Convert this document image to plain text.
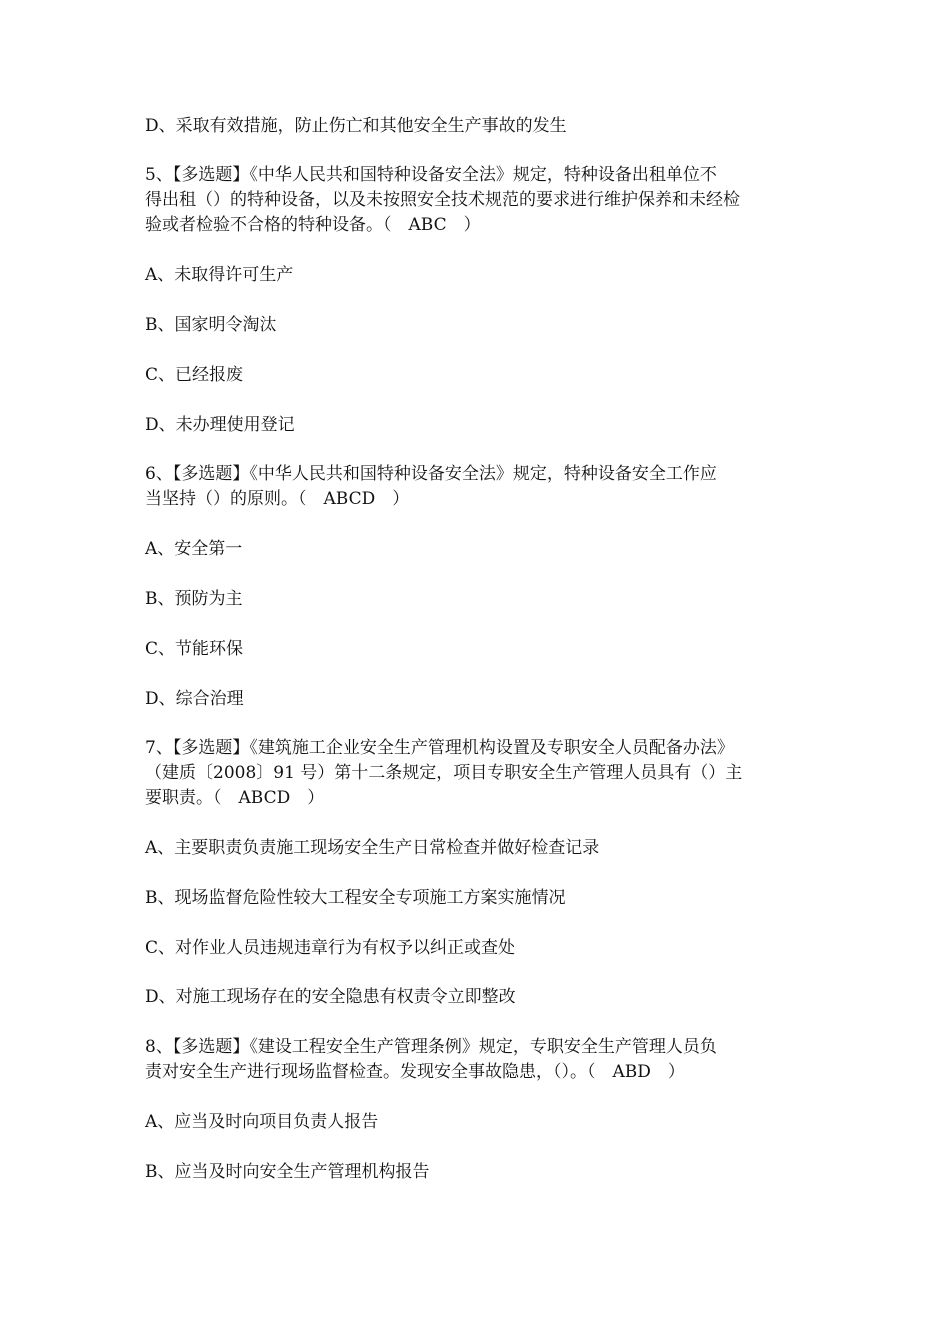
D、采取有效措施，防止伤亡和其他安全生产事故的发生
5、【多选题】《中华人民共和国特种设备安全法》规定，特种设备出租单位不
得出租（）的特种设备，以及未按照安全技术规范的要求进行维护保养和未经检
验或者检验不合格的特种设备。（　ABC　）
A、未取得许可生产
B、国家明令淘汰
C、已经报废
D、未办理使用登记
6、【多选题】《中华人民共和国特种设备安全法》规定，特种设备安全工作应
当坚持（）的原则。（　ABCD　）
A、安全第一
B、预防为主
C、节能环保
D、综合治理
7、【多选题】《建筑施工企业安全生产管理机构设置及专职安全人员配备办法》
（建质〔2008〕91 号）第十二条规定，项目专职安全生产管理人员具有（）主
要职责。（　ABCD　）
A、主要职责负责施工现场安全生产日常检查并做好检查记录
B、现场监督危险性较大工程安全专项施工方案实施情况
C、对作业人员违规违章行为有权予以纠正或查处
D、对施工现场存在的安全隐患有权责令立即整改
8、【多选题】《建设工程安全生产管理条例》规定，专职安全生产管理人员负
责对安全生产进行现场监督检查。发现安全事故隐患，（）。（　ABD　）
A、应当及时向项目负责人报告
B、应当及时向安全生产管理机构报告
